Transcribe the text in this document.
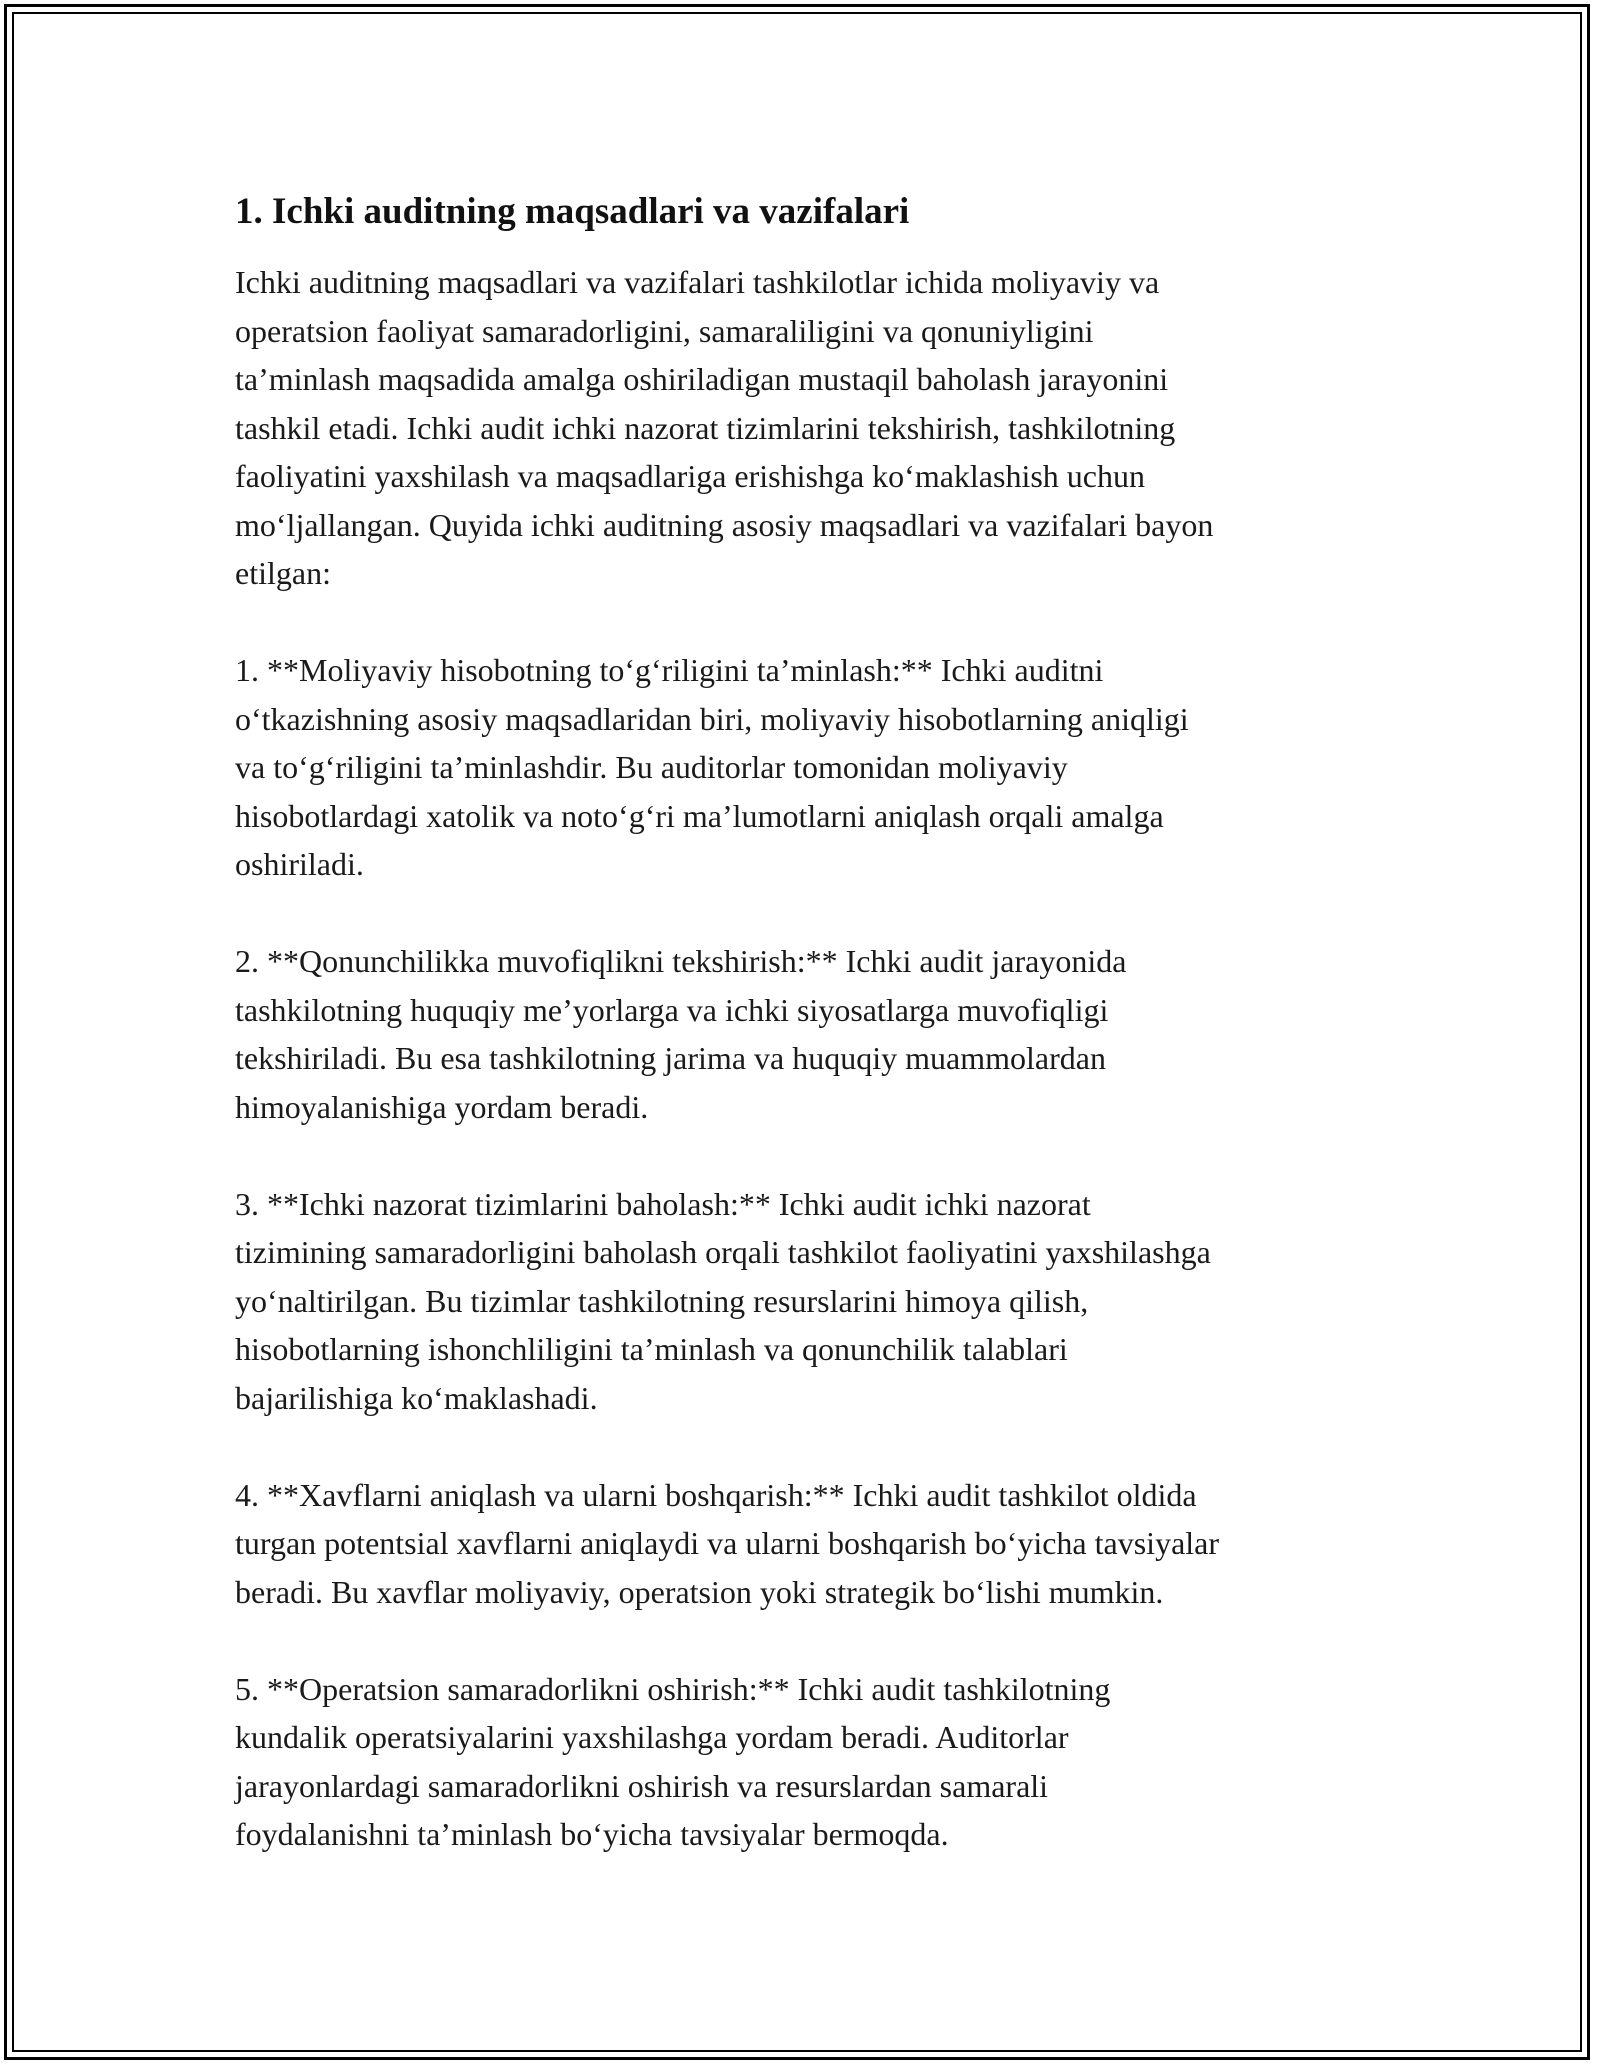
1. Ichki auditning maqsadlari va vazifalari

Ichki auditning maqsadlari va vazifalari tashkilotlar ichida moliyaviy va
operatsion faoliyat samaradorligini, samaraliligini va qonuniyligini
ta’minlash maqsadida amalga oshiriladigan mustaqil baholash jarayonini
tashkil etadi. Ichki audit ichki nazorat tizimlarini tekshirish, tashkilotning
faoliyatini yaxshilash va maqsadlariga erishishga ko‘maklashish uchun
mo‘ljallangan. Quyida ichki auditning asosiy maqsadlari va vazifalari bayon
etilgan:

1. **Moliyaviy hisobotning to‘g‘riligini ta’minlash:** Ichki auditni
o‘tkazishning asosiy maqsadlaridan biri, moliyaviy hisobotlarning aniqligi
va to‘g‘riligini ta’minlashdir. Bu auditorlar tomonidan moliyaviy
hisobotlardagi xatolik va noto‘g‘ri ma’lumotlarni aniqlash orqali amalga
oshiriladi.

2. **Qonunchilikka muvofiqlikni tekshirish:** Ichki audit jarayonida
tashkilotning huquqiy me’yorlarga va ichki siyosatlarga muvofiqligi
tekshiriladi. Bu esa tashkilotning jarima va huquqiy muammolardan
himoyalanishiga yordam beradi.

3. **Ichki nazorat tizimlarini baholash:** Ichki audit ichki nazorat
tizimining samaradorligini baholash orqali tashkilot faoliyatini yaxshilashga
yo‘naltirilgan. Bu tizimlar tashkilotning resurslarini himoya qilish,
hisobotlarning ishonchliligini ta’minlash va qonunchilik talablari
bajarilishiga ko‘maklashadi.

4. **Xavflarni aniqlash va ularni boshqarish:** Ichki audit tashkilot oldida
turgan potentsial xavflarni aniqlaydi va ularni boshqarish bo‘yicha tavsiyalar
beradi. Bu xavflar moliyaviy, operatsion yoki strategik bo‘lishi mumkin.

5. **Operatsion samaradorlikni oshirish:** Ichki audit tashkilotning
kundalik operatsiyalarini yaxshilashga yordam beradi. Auditorlar
jarayonlardagi samaradorlikni oshirish va resurslardan samarali
foydalanishni ta’minlash bo‘yicha tavsiyalar bermoqda.
